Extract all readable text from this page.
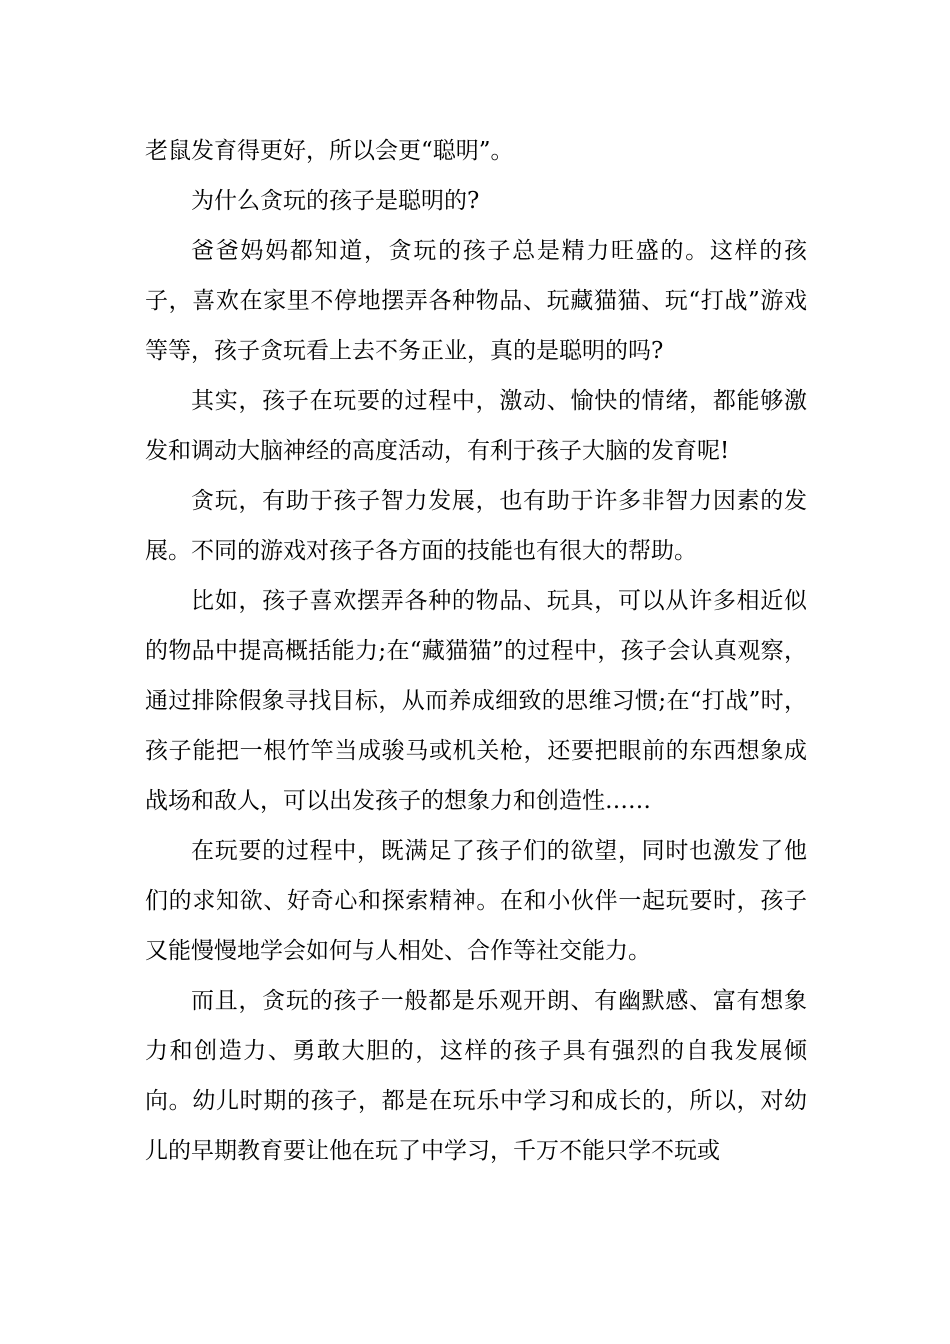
老鼠发育得更好，所以会更“聪明”。

为什么贪玩的孩子是聪明的?

爸爸妈妈都知道，贪玩的孩子总是精力旺盛的。这样的孩子，喜欢在家里不停地摆弄各种物品、玩藏猫猫、玩“打战”游戏等等，孩子贪玩看上去不务正业，真的是聪明的吗?

其实，孩子在玩要的过程中，激动、愉快的情绪，都能够激发和调动大脑神经的高度活动，有利于孩子大脑的发育呢!

贪玩，有助于孩子智力发展，也有助于许多非智力因素的发展。不同的游戏对孩子各方面的技能也有很大的帮助。

比如，孩子喜欢摆弄各种的物品、玩具，可以从许多相近似的物品中提高概括能力;在“藏猫猫”的过程中，孩子会认真观察，通过排除假象寻找目标，从而养成细致的思维习惯;在“打战”时，孩子能把一根竹竿当成骏马或机关枪，还要把眼前的东西想象成战场和敌人，可以出发孩子的想象力和创造性……

在玩要的过程中，既满足了孩子们的欲望，同时也激发了他们的求知欲、好奇心和探索精神。在和小伙伴一起玩要时，孩子又能慢慢地学会如何与人相处、合作等社交能力。

而且，贪玩的孩子一般都是乐观开朗、有幽默感、富有想象力和创造力、勇敢大胆的，这样的孩子具有强烈的自我发展倾向。幼儿时期的孩子，都是在玩乐中学习和成长的，所以，对幼儿的早期教育要让他在玩了中学习，千万不能只学不玩或
